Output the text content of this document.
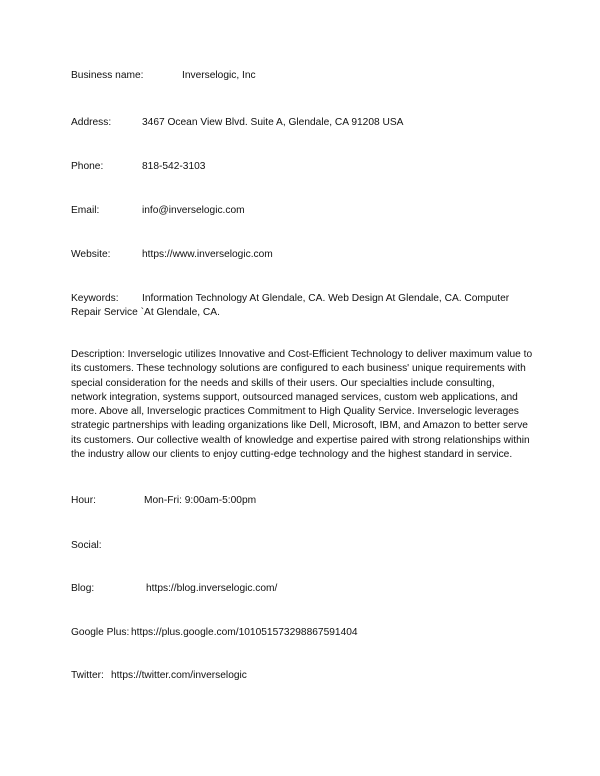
Business name:	Inverselogic, Inc
Address:	3467 Ocean View Blvd. Suite A, Glendale, CA 91208 USA
Phone:	818-542-3103
Email:	info@inverselogic.com
Website:	https://www.inverselogic.com
Keywords: Information Technology At Glendale, CA. Web Design At Glendale, CA. Computer Repair Service `At Glendale, CA.
Description: Inverselogic utilizes Innovative and Cost-Efficient Technology to deliver maximum value to its customers. These technology solutions are configured to each business' unique requirements with special consideration for the needs and skills of their users. Our specialties include consulting, network integration, systems support, outsourced managed services, custom web applications, and more. Above all, Inverselogic practices Commitment to High Quality Service. Inverselogic leverages strategic partnerships with leading organizations like Dell, Microsoft, IBM, and Amazon to better serve its customers. Our collective wealth of knowledge and expertise paired with strong relationships within the industry allow our clients to enjoy cutting-edge technology and the highest standard in service.
Hour:	Mon-Fri: 9:00am-5:00pm
Social:
Blog:	https://blog.inverselogic.com/
Google Plus: https://plus.google.com/101051573298867591404
Twitter: https://twitter.com/inverselogic
